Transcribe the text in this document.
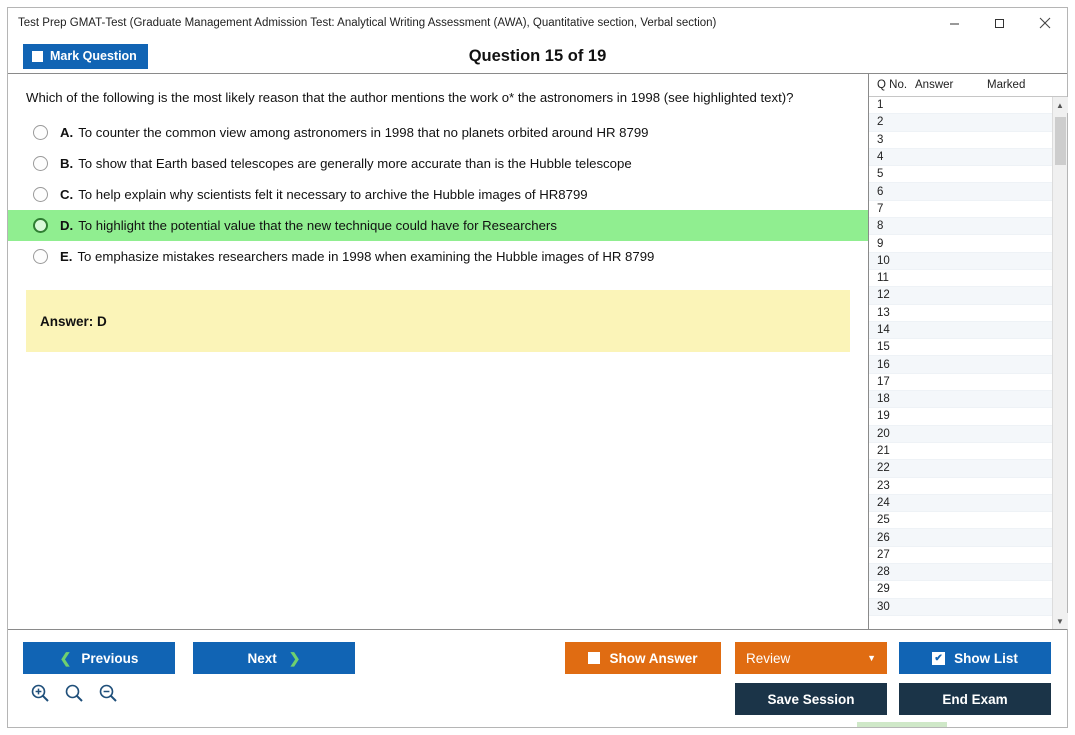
Test Prep GMAT-Test (Graduate Management Admission Test: Analytical Writing Assessment (AWA), Quantitative section, Verbal section)
Mark Question	Question 15 of 19
Which of the following is the most likely reason that the author mentions the work o* the astronomers in 1998 (see highlighted text)?
A. To counter the common view among astronomers in 1998 that no planets orbited around HR 8799
B. To show that Earth based telescopes are generally more accurate than is the Hubble telescope
C. To help explain why scientists felt it necessary to archive the Hubble images of HR8799
D. To highlight the potential value that the new technique could have for Researchers
E. To emphasize mistakes researchers made in 1998 when examining the Hubble images of HR 8799
Answer: D
Q No. Answer	Marked
1
2
3
4
5
6
7
8
9
10
11
12
13
14
15
16
17
18
19
20
21
22
23
24
25
26
27
28
29
30
▲
▼
❮ Previous	Next ❯	Show Answer	Review	▼	✔ Show List
Save Session	End Exam
